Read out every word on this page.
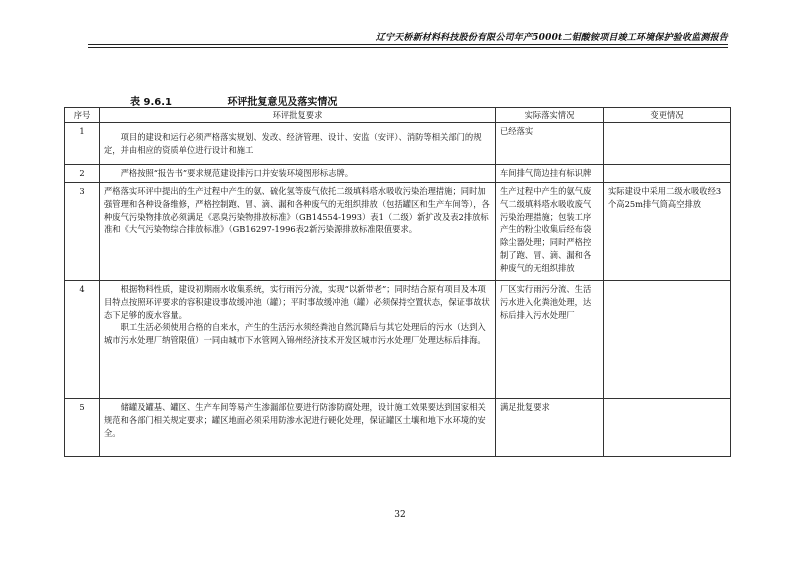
辽宁天桥新材料科技股份有限公司年产5000t二钼酸铵项目竣工环境保护验收监测报告
表 9.6.1	环评批复意见及落实情况
序号	环评批复要求	实际落实情况	变更情况
1	项目的建设和运行必须严格落实规划、发改、经济管理、设计、安监（安评）、消防等相关部门的规定，并由相应的资质单位进行设计和施工	已经落实	
2	严格按照“报告书”要求规范建设排污口并安装环境图形标志牌。	车间排气筒边挂有标识牌	
3	严格落实环评中提出的生产过程中产生的氨、硫化氢等废气依托二级填料塔水吸收污染治理措施；同时加强管理和各种设备维修，严格控制跑、冒、滴、漏和各种废气的无组织排放（包括罐区和生产车间等），各种废气污染物排放必须满足《恶臭污染物排放标准》（GB14554-1993）表1（二级）新扩改及表2排放标准和《大气污染物综合排放标准》（GB16297-1996表2新污染源排放标准限值要求。	生产过程中产生的氨气废气二级填料塔水吸收废气污染治理措施；包装工序产生的粉尘收集后经布袋除尘器处理；同时严格控制了跑、冒、滴、漏和各种废气的无组织排放	实际建设中采用二级水吸收经3个高25m排气筒高空排放
4	根据物料性质，建设初期雨水收集系统，实行雨污分流，实现“以新带老”；同时结合原有项目及本项目特点按照环评要求的容积建设事故缓冲池（罐）；平时事故缓冲池（罐）必须保持空置状态，保证事故状态下足够的废水容量。
职工生活必须使用合格的自来水，产生的生活污水须经粪池自然沉降后与其它处理后的污水（达到入城市污水处理厂纳管限值）一同由城市下水管网入锦州经济技术开发区城市污水处理厂处理达标后排海。	厂区实行雨污分流、生活污水进入化粪池处理，达标后排入污水处理厂	
5	储罐及罐基、罐区、生产车间等易产生渗漏部位要进行防渗防腐处理，设计施工效果要达到国家相关规范和各部门相关规定要求；罐区地面必须采用防渗水泥进行硬化处理，保证罐区土壤和地下水环境的安全。	满足批复要求	
32
